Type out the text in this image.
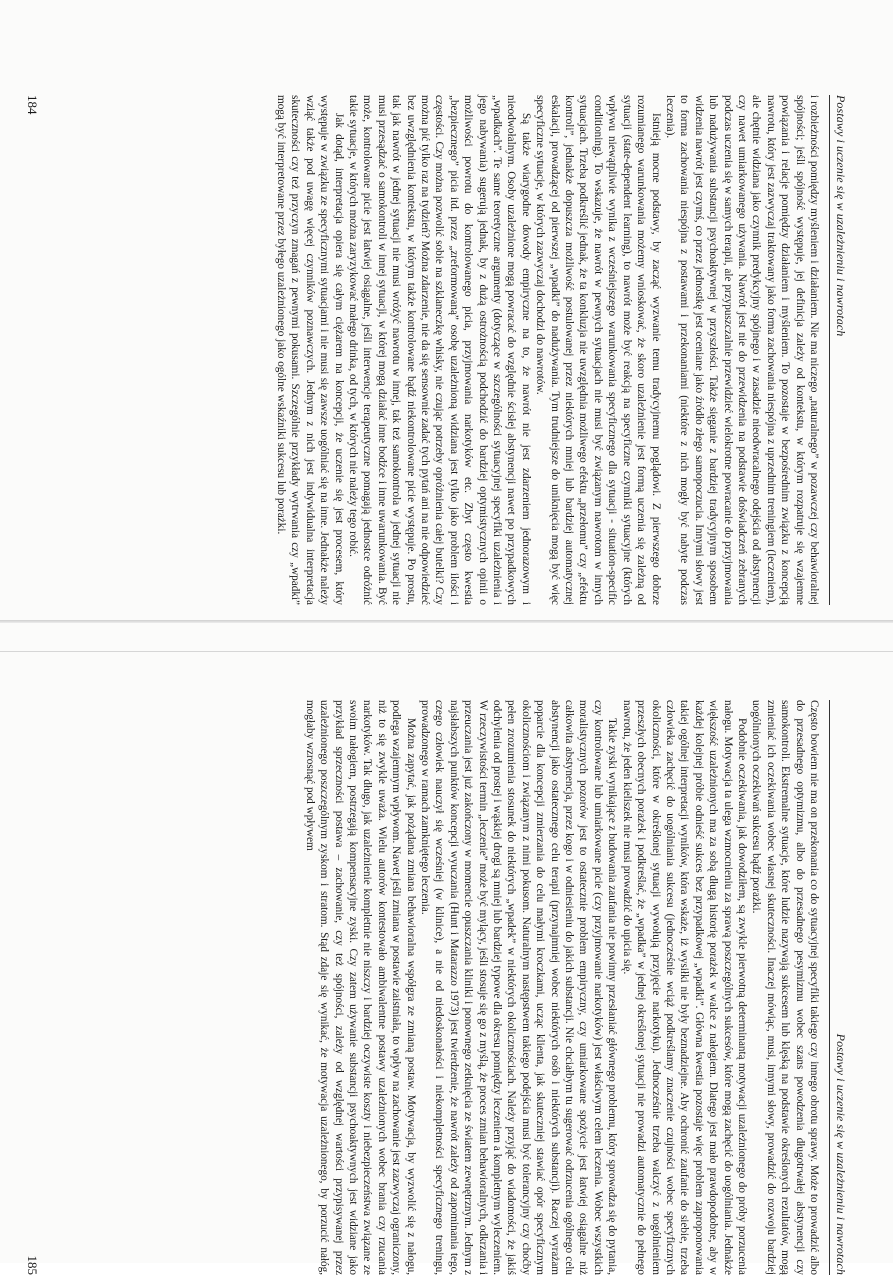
Postawy i uczenie się w uzależnieniu i nawrotach

i rozbieżności pomiędzy myśleniem i działaniem. Nie ma niczego „naturalnego” w pozawczej czy behawioralnej spójności; jeśli spójność występuje, jej definicja zależy od kontekstu, w którym rozpatruje się wzajemne powiązania i relacje pomiędzy działaniem i myśleniem. To pozostaje w bezpośrednim związku z koncepcją nawrotu, który jest zazwyczaj traktowany jako forma zachowania niespójna z uprzednim treningiem (leczeniem), ale chętnie widziana jako czynnik predykcyjny spójnego i w zasadzie nieodwracalnego odejścia od abstynencji czy nawet umiarkowanego używania. Nawrót jest nie do przewidzenia na podstawie doświadczeń zebranych podczas uczenia się w samych terapii, ale przypuszczalnie przewidzieć wielokrotne powracanie do przyjmowania lub nadużywania substancji psychoaktywnej w przyszłości. Także sięganie z bardziej tradycyjnym sposobem widzenia nawrót jest czymś, co przez jednostkę jest oceniane jako źródło złego samopoczucia. Innymi słowy jest to forma zachowania niespójna z postawami i przekonaniami (niektóre z nich mogły być nabyte podczas leczenia).

Istnieją mocne podstawy, by zacząć wyzwanie temu tradycyjnemu poglądowi. Z pierwszego dobrze rozumianego warunkowania możemy wnioskować, że skoro uzależnienie jest formą uczenia się zależną od sytuacji (state-dependent learning), to nawrót może być reakcją na specyficzne czynniki sytuacyjne (których wpływu niewątpliwie wynika z wcześniejszego warunkowania specyficznego dla sytuacji - situation-specific conditioning). To wskazuje, że nawrót w pewnych sytuacjach nie musi być związanym nawrotom w innych sytuacjach. Trzeba podkreślić jednak, że ta konkluzja nie uwzględnia możliwego efektu „przełomu” czy „efektu kontroli”, jednakże dopuszcza możliwość postulowanej przez niektórych mniej lub bardziej automatycznej eskalacji, prowadzącej od pierwszej „wpadki” do nadużywania. Tym trudniejsze do uniknięcia mogą być więc specyficzne sytuacje, w których zazwyczaj dochodzi do nawrotów.

Są także wiarygodne dowody empiryczne na to, że nawrót nie jest zdarzeniem jednorazowym i nieodwołalnym. Osoby uzależnione mogą powracać do względnie ścisłej abstynencji nawet po przypadkowych „wpadkach”. Te same teoretyczne argumenty (dotyczące w szczególności sytuacyjnej specyfiki uzależnienia i jego nabywania) sugerują jednak, by z dużą ostrożnością podchodzić do bardziej optymistycznych opinii o możliwości powrotu do kontrolowanego picia, przyjmowania narkotyków etc. Zbyt często kwestia „bezpiecznego” picia itd. przez „zreformowaną” osobę uzależnioną widziana jest tylko jako problem ilości i częstości. Czy można pozwolić sobie na szklaneczkę whisky, nie czując potrzeby opróżnienia całej butelki? Czy można pić tylko raz na tydzień? Można zdarzenie, nie da się sensownie zadać tych pytań ani na nie odpowiedzieć bez uwzględnienia kontekstu, w którym także kontrolowane bądź niekontrolowane picie występuje. Po prostu, tak jak nawrót w jednej sytuacji nie musi wróżyć nawrotu w innej, tak też samokontrola w jednej sytuacji nie musi przesądzać o samokontroli w innej sytuacji, w której mogą działać inne bodźce i inne uwarunkowania. Być może, kontrolowane picie jest łatwiej osiągalne, jeśli interwencje terapeutyczne pomagają jednostce odróżnić takie sytuacje, w których można zaryzykować małego drinka, od tych, w których nie należy tego robić.

Jak dotąd, interpretacja opiera się całym ciężarem na koncepcji, że uczenie się jest procesem, który występuje w związku ze specyficznymi sytuacjami i nie musi się zawsze uogólniać się na inne. Jednakże należy wziąć także pod uwagę więcej czynników poznawczych. Jednym z nich jest indywidualna interpretacja skuteczności czy też przyczyn zmagań z pewnymi pokusami. Szczególnie przykłady wytrwania czy „wpadki” mogą być interpretowane przez byłego uzależnionego jako ogólne wskaźniki sukcesu lub porażki.

184
Postawy i uczenie się w uzależnieniu i nawrotach

Często bowiem nie ma on przekonania co do sytuacyjnej specyfiki takiego czy innego obrotu sprawy. Może to prowadzić albo do przesadnego optymizmu, albo do przesadnego pesymizmu wobec szans powodzenia długotrwałej abstynencji czy samokontroli. Ekstremalne sytuacje, które ludzie nazywają sukcesem lub klęską na podstawie określonych rezultatów, mogą zmieniać ich oczekiwania wobec własnej skuteczności. Inaczej mówiąc, musi, innymi słowy, prowadzić do rozwoju bardziej uogólnionych oczekiwań sukcesu bądź porażki.

Podobnie oczekiwania, jak dowodziłem, są zwykle pierwotną determinantą motywacji uzależnionego do próby porzucenia nałogu. Motywacja ta ulega wzmocnieniu za sprawą poszczególnych sukcesów, które mogą zachęcić do uogólniania. Jednakże większość uzależnionych ma za sobą długą historię porażek w walce z nałogiem. Dlatego jest mało prawdopodobne, aby w każdej kolejnej próbie odnieść sukces bez przypadkowej „wpadki”. Główna kwestia pozostaje więc problem zaproponowania takiej ogólnej interpretacji wyników, która wskaże, iż wysiłki nie były beznadziejne. Aby ochronić zaufanie do siebie, trzeba człowieka zachęcić do uogólniania sukcesu (jednocześnie wciąż podkreślamy znaczenie czujności wobec specyficznych okoliczności, które w określonej sytuacji wywołują przyjęcie narkotyku). Jednocześnie trzeba walczyć z uogólnieniem przeszłych obecnych porażek i podkreślać, że „wpadka” w jednej określonej sytuacji nie prowadzi automatycznie do pełnego nawrotu, że jeden kieliszek nie musi prowadzić do upicia się.

Takie zyski wynikające z budowania zaufania nie powinny przesłaniać głównego problemu, który sprowadza się do pytania, czy kontrolowane lub umiarkowane picie (czy przyjmowanie narkotyków) jest właściwym celem leczenia. Wobec wszystkich moralistycznych pozorów jest to ostatecznie problem empiryczny, czy umiarkowane spożycie jest łatwiej osiągalne niż całkowita abstynencja, przez kogo i w odniesieniu do jakich substancji. Nie chciałbym tu sugerować odrzucenia ogólnego celu abstynencji jako ostatecznego celu terapii (przynajmniej wobec niektórych osób i niektórych substancji). Raczej wyrażam poparcie dla koncepcji zmierzania do celu małymi kroczkami, ucząc klienta, jak skuteczniej stawiać opór specyficznym okolicznościom i związanym z nimi pokusom. Naturalnym następstwem takiego podejścia musi być tolerancyjny czy choćby pełen zrozumienia stosunek do niektórych „wpadek” w niektórych okolicznościach. Należy przyjąć do wiadomości, że jakiś odchylenia od prostej i wąskiej drogi są mniej lub bardziej typowe dla okresu pomiędzy leczeniem a kompletnym wyleczeniem. W rzeczywistości termin „leczenie” może być mylący, jeśli stosuje się go z myślą, że proces zmian behawioralnych, odkrzania i przeuczania jest już zakończony w momencie opuszczania kliniki i ponownego zetknięcia ze światem zewnętrznym. Jednym z najsłabszych punktów koncepcji wyuczania (Hunt i Matarazzo 1973) jest twierdzenie, że nawrót zależy od zapominania tego, czego człowiek nauczył się wcześniej (w klinice), a nie od niedoskonałości i niekompletności specyficznego treningu, prowadzonego w ramach zamkniętego leczenia.

Można zapytać, jak pożądana zmiana behawioralna współgra ze zmianą postaw. Motywacja, by wyzwolić się z nałogu, podlega wzajemnym wpływom. Nawet jeśli zmiana w postawie zaistniała, to wpływ na zachowanie jest zazwyczaj ograniczony, niż to się zwykle uważa. Wielu autorów kontestowało ambiwalentne postawy uzależnionych wobec brania czy rzucania narkotyków. Tak długo, jak uzależnienie kompletnie nie niszczy i bardziej oczywiste koszty i niebezpieczeństwa związane ze swoim nałogiem, postrzegają kompensacyjne zyski. Czy zatem używanie substancji psychoaktywnych jest widziane jako przykład sprzeczności postawa – zachowanie, czy też spójności, zależy od względnej wartości przypisywanej przez uzależnionego poszczególnym zyskom i stratom. Stąd zdaje się wynikać, że motywacja uzależnionego, by porzucić nałóg, mogłaby wzrosnąć pod wpływem

185
